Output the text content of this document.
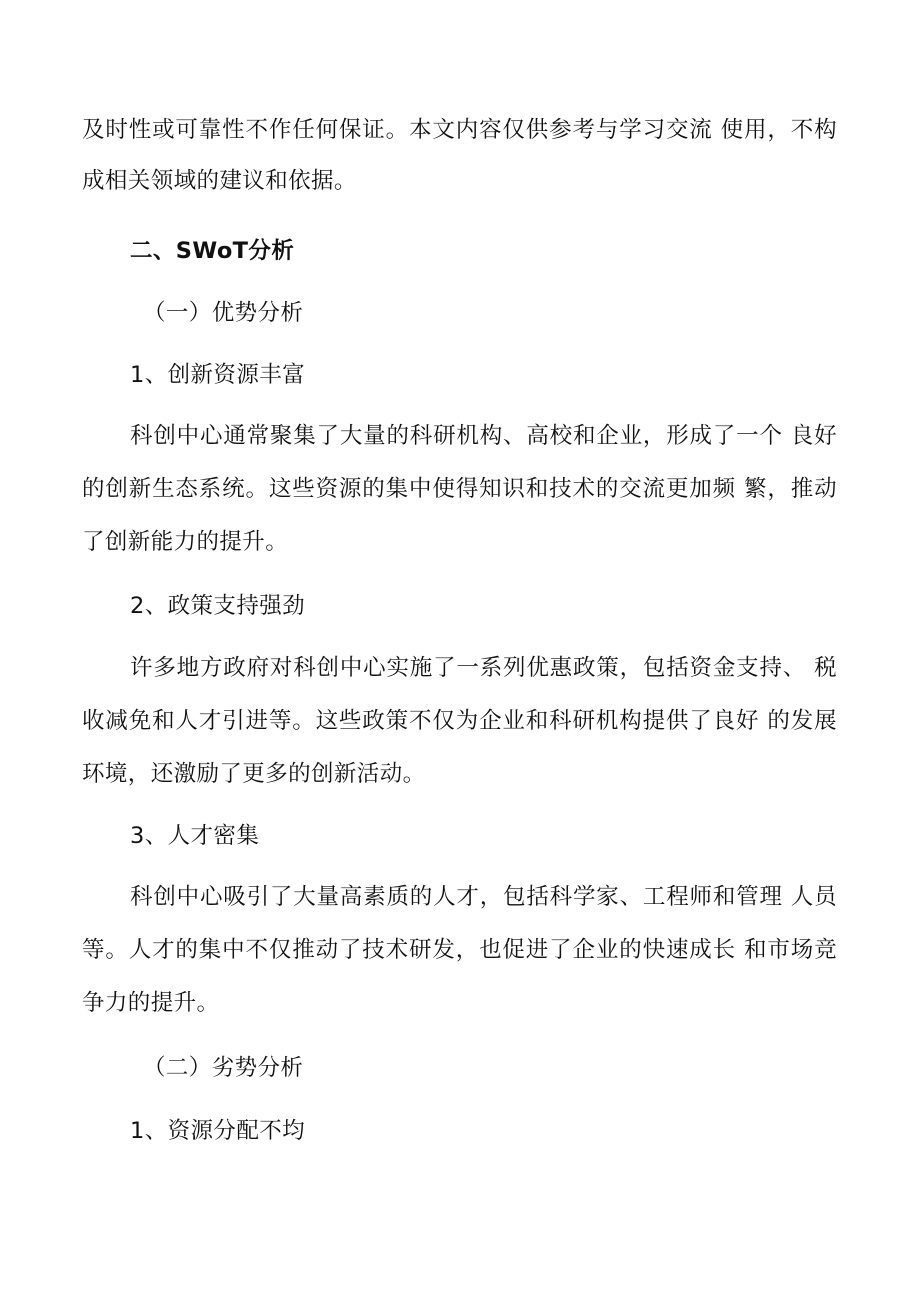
及时性或可靠性不作任何保证。本文内容仅供参考与学习交流 使用，不构
成相关领域的建议和依据。
二、SWoT分析
（一）优势分析
1、创新资源丰富
科创中心通常聚集了大量的科研机构、高校和企业，形成了一个 良好
的创新生态系统。这些资源的集中使得知识和技术的交流更加频 繁，推动
了创新能力的提升。
2、政策支持强劲
许多地方政府对科创中心实施了一系列优惠政策，包括资金支持、 税
收减免和人才引进等。这些政策不仅为企业和科研机构提供了良好 的发展
环境，还激励了更多的创新活动。
3、人才密集
科创中心吸引了大量高素质的人才，包括科学家、工程师和管理 人员
等。人才的集中不仅推动了技术研发，也促进了企业的快速成长 和市场竞
争力的提升。
（二）劣势分析
1、资源分配不均
